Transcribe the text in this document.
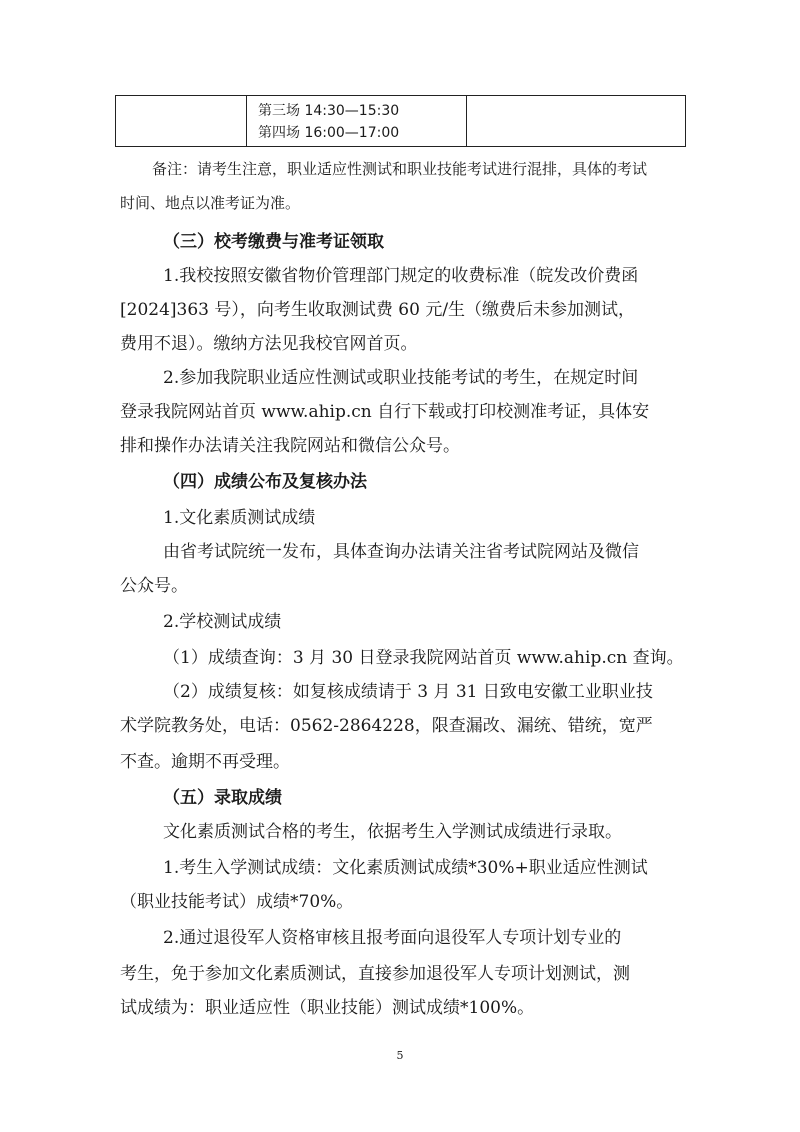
第三场 14:30—15:30
第四场 16:00—17:00
备注：请考生注意，职业适应性测试和职业技能考试进行混排，具体的考试
时间、地点以准考证为准。
（三）校考缴费与准考证领取
1.我校按照安徽省物价管理部门规定的收费标准（皖发改价费函
[2024]363 号），向考生收取测试费 60 元/生（缴费后未参加测试，
费用不退）。缴纳方法见我校官网首页。
2.参加我院职业适应性测试或职业技能考试的考生，在规定时间
登录我院网站首页 www.ahip.cn 自行下载或打印校测准考证，具体安
排和操作办法请关注我院网站和微信公众号。
（四）成绩公布及复核办法
1.文化素质测试成绩
由省考试院统一发布，具体查询办法请关注省考试院网站及微信
公众号。
2.学校测试成绩
（1）成绩查询：3 月 30 日登录我院网站首页 www.ahip.cn 查询。
（2）成绩复核：如复核成绩请于 3 月 31 日致电安徽工业职业技
术学院教务处，电话：0562-2864228，限查漏改、漏统、错统，宽严
不查。逾期不再受理。
（五）录取成绩
文化素质测试合格的考生，依据考生入学测试成绩进行录取。
1.考生入学测试成绩：文化素质测试成绩*30%+职业适应性测试
（职业技能考试）成绩*70%。
2.通过退役军人资格审核且报考面向退役军人专项计划专业的
考生，免于参加文化素质测试，直接参加退役军人专项计划测试，测
试成绩为：职业适应性（职业技能）测试成绩*100%。
5
